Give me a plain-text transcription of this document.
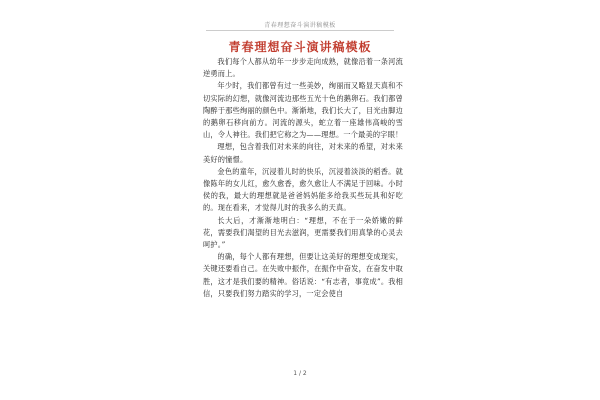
青春理想奋斗演讲稿模板
青春理想奋斗演讲稿模板

我们每个人都从幼年一步步走向成熟，就像沿着一条河流逆勇而上。

年少时，我们都曾有过一些美妙，绚丽而又略显天真和不切实际的幻想，就像河流边那些五光十色的鹅卵石。我们都曾陶醉于那些绚丽的颜色中。渐渐地，我们长大了，目光由脚边的鹅卵石移向前方。河流的源头，蛇立着一座雄伟高峻的雪山，令人神往。我们把它称之为——理想。一个最美的字眼！

理想，包含着我们对未来的向往，对未来的希望，对未来美好的憧憬。

金色的童年，沉浸着儿时的快乐，沉浸着淡淡的稻香。就像陈年的女儿红，愈久愈香，愈久愈让人不满足于回味。小时侯的我，最大的理想就是爸爸妈妈能多给我买些玩具和好吃的。现在看来，才觉得儿时的我多么的天真。

长大后，才渐渐地明白：“理想，不在于一朵娇嫩的鲜花，需要我们渴望的目光去滋润，更需要我们用真挚的心灵去呵护。”

的确，每个人都有理想，但要让这美好的理想变成现实，关键还要看自己。在失败中振作，在振作中奋发，在奋发中取胜，这才是我们要的精神。俗话说：“有志者，事竟成”。我相信，只要我们努力踏实的学习，一定会使自

1 / 2
